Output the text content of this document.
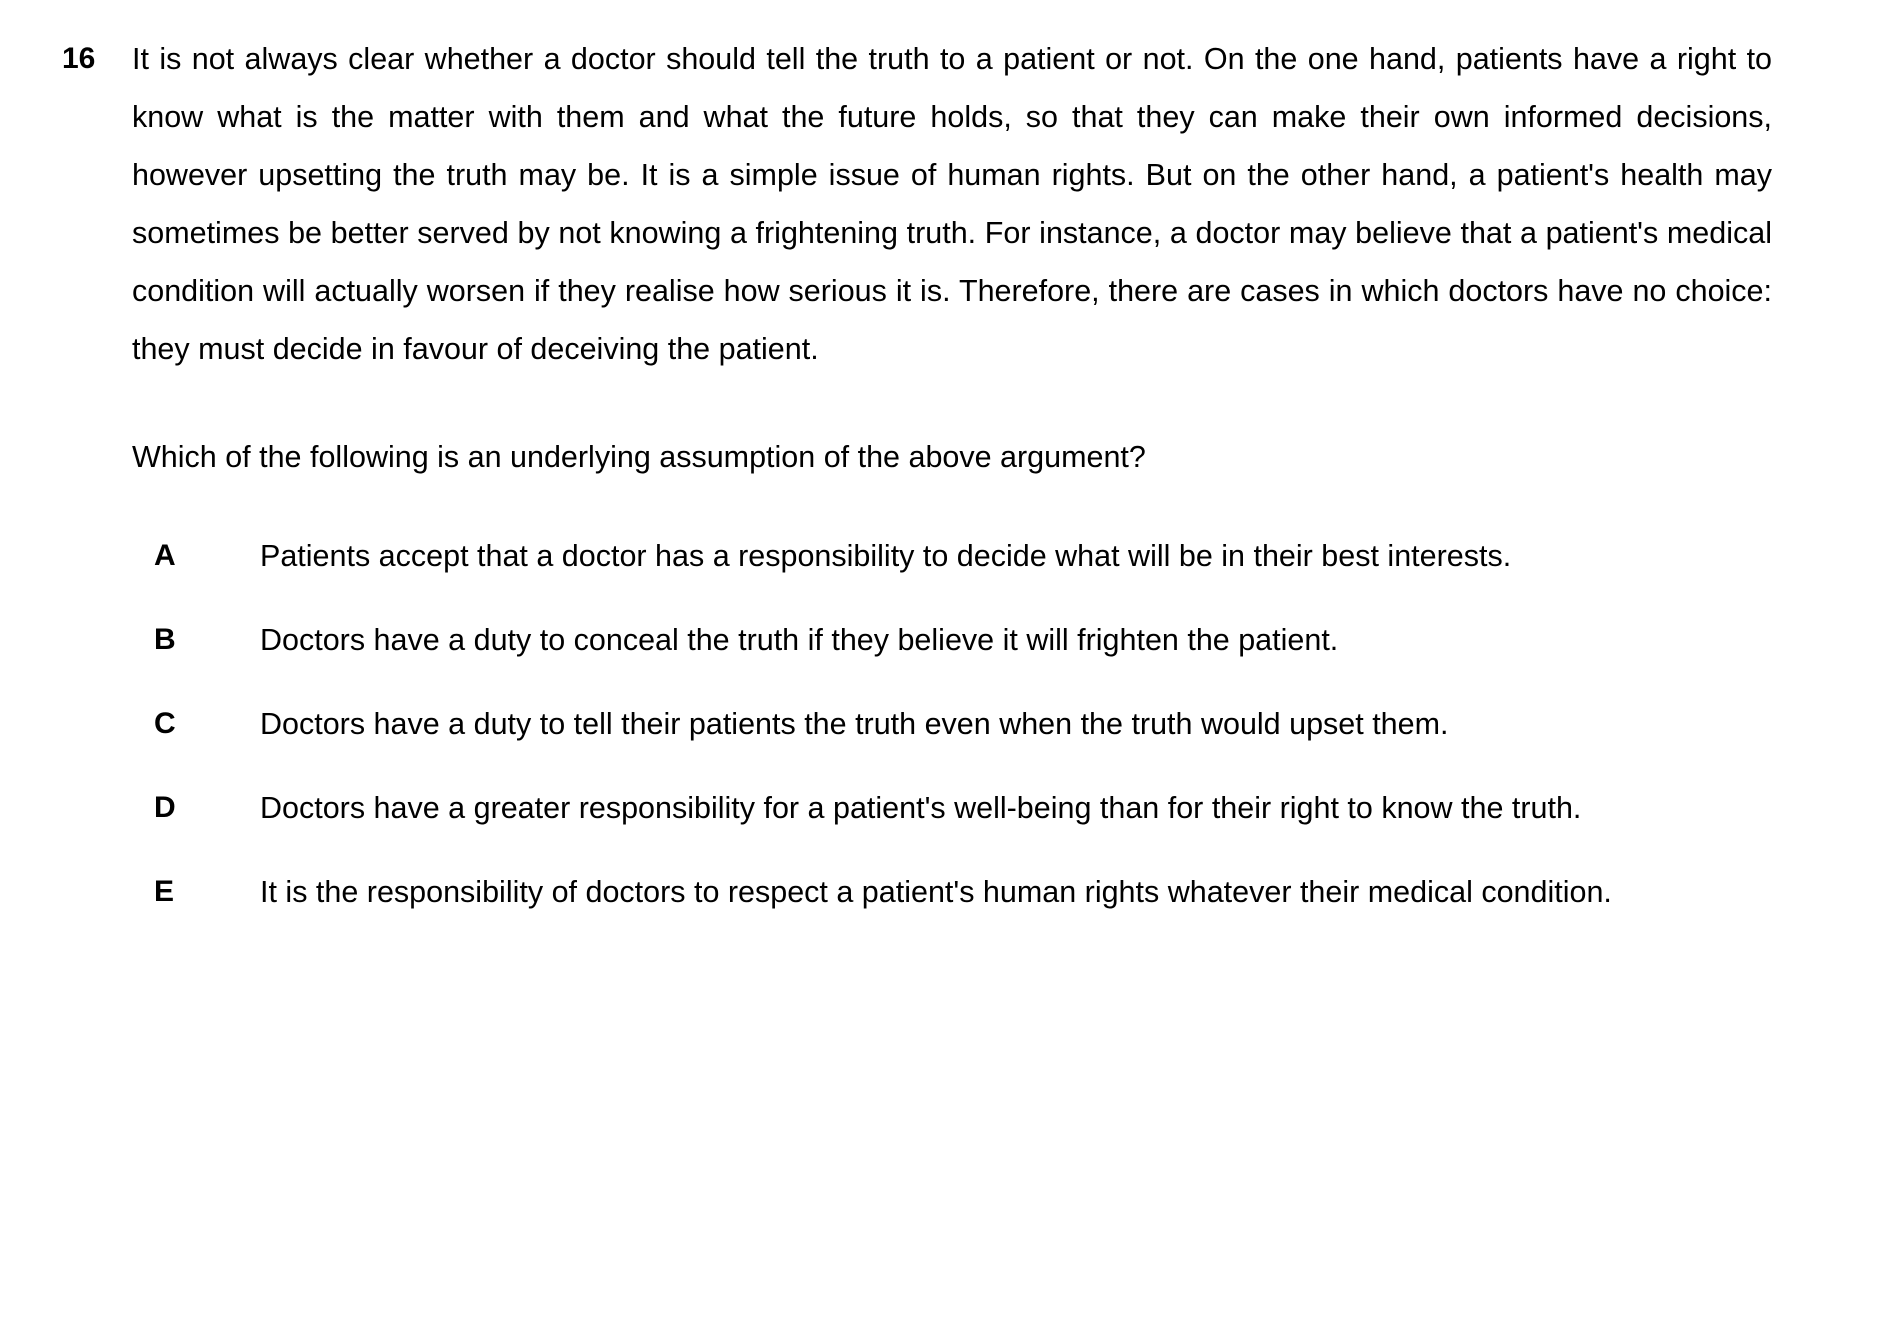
16	It is not always clear whether a doctor should tell the truth to a patient or not. On the one hand, patients have a right to know what is the matter with them and what the future holds, so that they can make their own informed decisions, however upsetting the truth may be. It is a simple issue of human rights. But on the other hand, a patient's health may sometimes be better served by not knowing a frightening truth. For instance, a doctor may believe that a patient's medical condition will actually worsen if they realise how serious it is. Therefore, there are cases in which doctors have no choice: they must decide in favour of deceiving the patient.

Which of the following is an underlying assumption of the above argument?

A	Patients accept that a doctor has a responsibility to decide what will be in their best interests.
B	Doctors have a duty to conceal the truth if they believe it will frighten the patient.
C	Doctors have a duty to tell their patients the truth even when the truth would upset them.
D	Doctors have a greater responsibility for a patient's well-being than for their right to know the truth.
E	It is the responsibility of doctors to respect a patient's human rights whatever their medical condition.
